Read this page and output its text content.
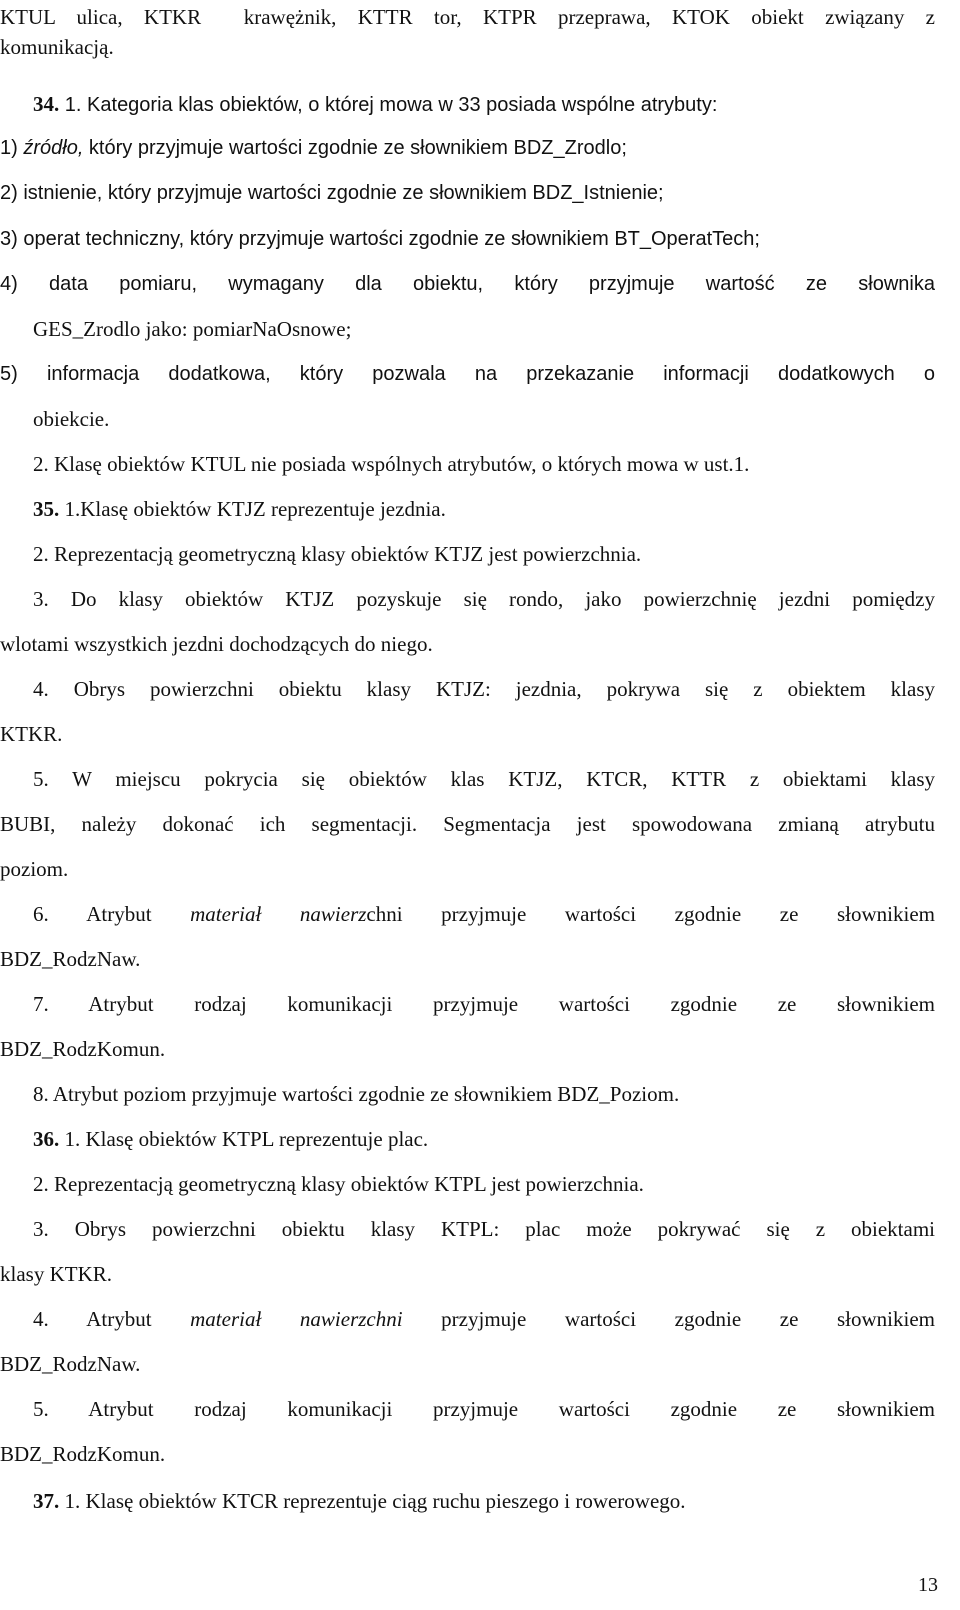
KTUL ulica, KTKR  krawężnik, KTTR tor, KTPR przeprawa, KTOK obiekt związany z
komunikacją.
34. 1. Kategoria klas obiektów, o której mowa w 33 posiada wspólne atrybuty:
1) źródło, który przyjmuje wartości zgodnie ze słownikiem BDZ_Zrodlo;
2) istnienie, który przyjmuje wartości zgodnie ze słownikiem BDZ_Istnienie;
3) operat techniczny, który przyjmuje wartości zgodnie ze słownikiem BT_OperatTech;
4) data pomiaru, wymagany dla obiektu, który przyjmuje wartość ze słownika
GES_Zrodlo jako: pomiarNaOsnowe;
5) informacja dodatkowa, który pozwala na przekazanie informacji dodatkowych o
obiekcie.
2. Klasę obiektów KTUL nie posiada wspólnych atrybutów, o których mowa w ust.1.
35. 1.Klasę obiektów KTJZ reprezentuje jezdnia.
2. Reprezentacją geometryczną klasy obiektów KTJZ jest powierzchnia.
3. Do klasy obiektów KTJZ pozyskuje się rondo, jako powierzchnię jezdni pomiędzy
wlotami wszystkich jezdni dochodzących do niego.
4. Obrys powierzchni obiektu klasy KTJZ: jezdnia, pokrywa się z obiektem klasy
KTKR.
5. W miejscu pokrycia się obiektów klas KTJZ, KTCR, KTTR z obiektami klasy
BUBI, należy dokonać ich segmentacji. Segmentacja jest spowodowana zmianą atrybutu
poziom.
6. Atrybut materiał nawierzchni przyjmuje wartości zgodnie ze słownikiem
BDZ_RodzNaw.
7. Atrybut rodzaj komunikacji przyjmuje wartości zgodnie ze słownikiem
BDZ_RodzKomun.
8. Atrybut poziom przyjmuje wartości zgodnie ze słownikiem BDZ_Poziom.
36. 1. Klasę obiektów KTPL reprezentuje plac.
2. Reprezentacją geometryczną klasy obiektów KTPL jest powierzchnia.
3. Obrys powierzchni obiektu klasy KTPL: plac może pokrywać się z obiektami
klasy KTKR.
4. Atrybut materiał nawierzchni przyjmuje wartości zgodnie ze słownikiem
BDZ_RodzNaw.
5. Atrybut rodzaj komunikacji przyjmuje wartości zgodnie ze słownikiem
BDZ_RodzKomun.
37. 1. Klasę obiektów KTCR reprezentuje ciąg ruchu pieszego i rowerowego.
13
